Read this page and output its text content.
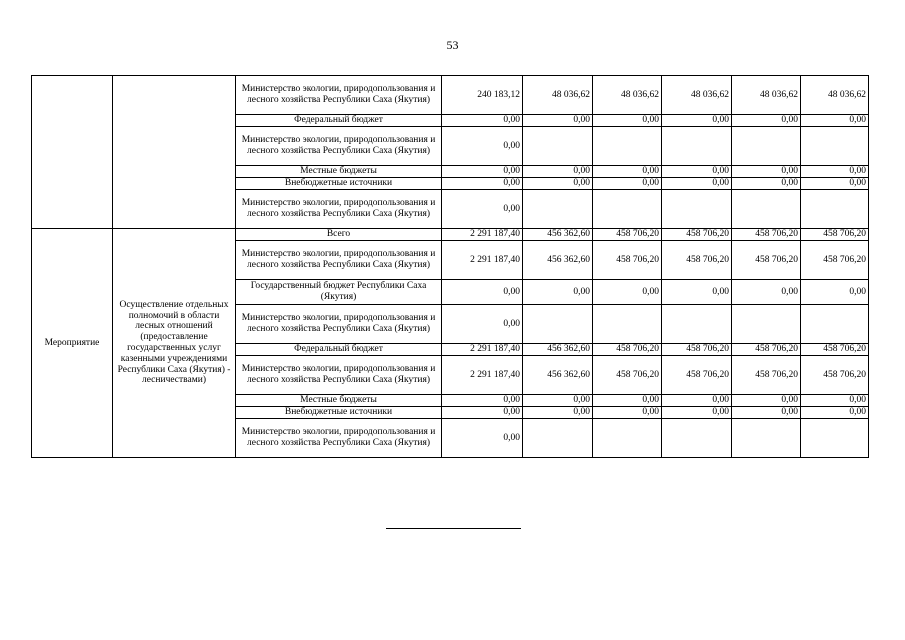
53
		Министерство экологии, природопользования и лесного хозяйства Республики Саха (Якутия)	240 183,12	48 036,62	48 036,62	48 036,62	48 036,62	48 036,62
		Федеральный бюджет	0,00	0,00	0,00	0,00	0,00	0,00
		Министерство экологии, природопользования и лесного хозяйства Республики Саха (Якутия)	0,00					
		Местные бюджеты	0,00	0,00	0,00	0,00	0,00	0,00
		Внебюджетные источники	0,00	0,00	0,00	0,00	0,00	0,00
		Министерство экологии, природопользования и лесного хозяйства Республики Саха (Якутия)	0,00					
Мероприятие	Осуществление отдельных полномочий в области лесных отношений (предоставление государственных услуг казенными учреждениями Республики Саха (Якутия) - лесничествами)	Всего	2 291 187,40	456 362,60	458 706,20	458 706,20	458 706,20	458 706,20
		Министерство экологии, природопользования и лесного хозяйства Республики Саха (Якутия)	2 291 187,40	456 362,60	458 706,20	458 706,20	458 706,20	458 706,20
		Государственный бюджет Республики Саха (Якутия)	0,00	0,00	0,00	0,00	0,00	0,00
		Министерство экологии, природопользования и лесного хозяйства Республики Саха (Якутия)	0,00					
		Федеральный бюджет	2 291 187,40	456 362,60	458 706,20	458 706,20	458 706,20	458 706,20
		Министерство экологии, природопользования и лесного хозяйства Республики Саха (Якутия)	2 291 187,40	456 362,60	458 706,20	458 706,20	458 706,20	458 706,20
		Местные бюджеты	0,00	0,00	0,00	0,00	0,00	0,00
		Внебюджетные источники	0,00	0,00	0,00	0,00	0,00	0,00
		Министерство экологии, природопользования и лесного хозяйства Республики Саха (Якутия)	0,00					
